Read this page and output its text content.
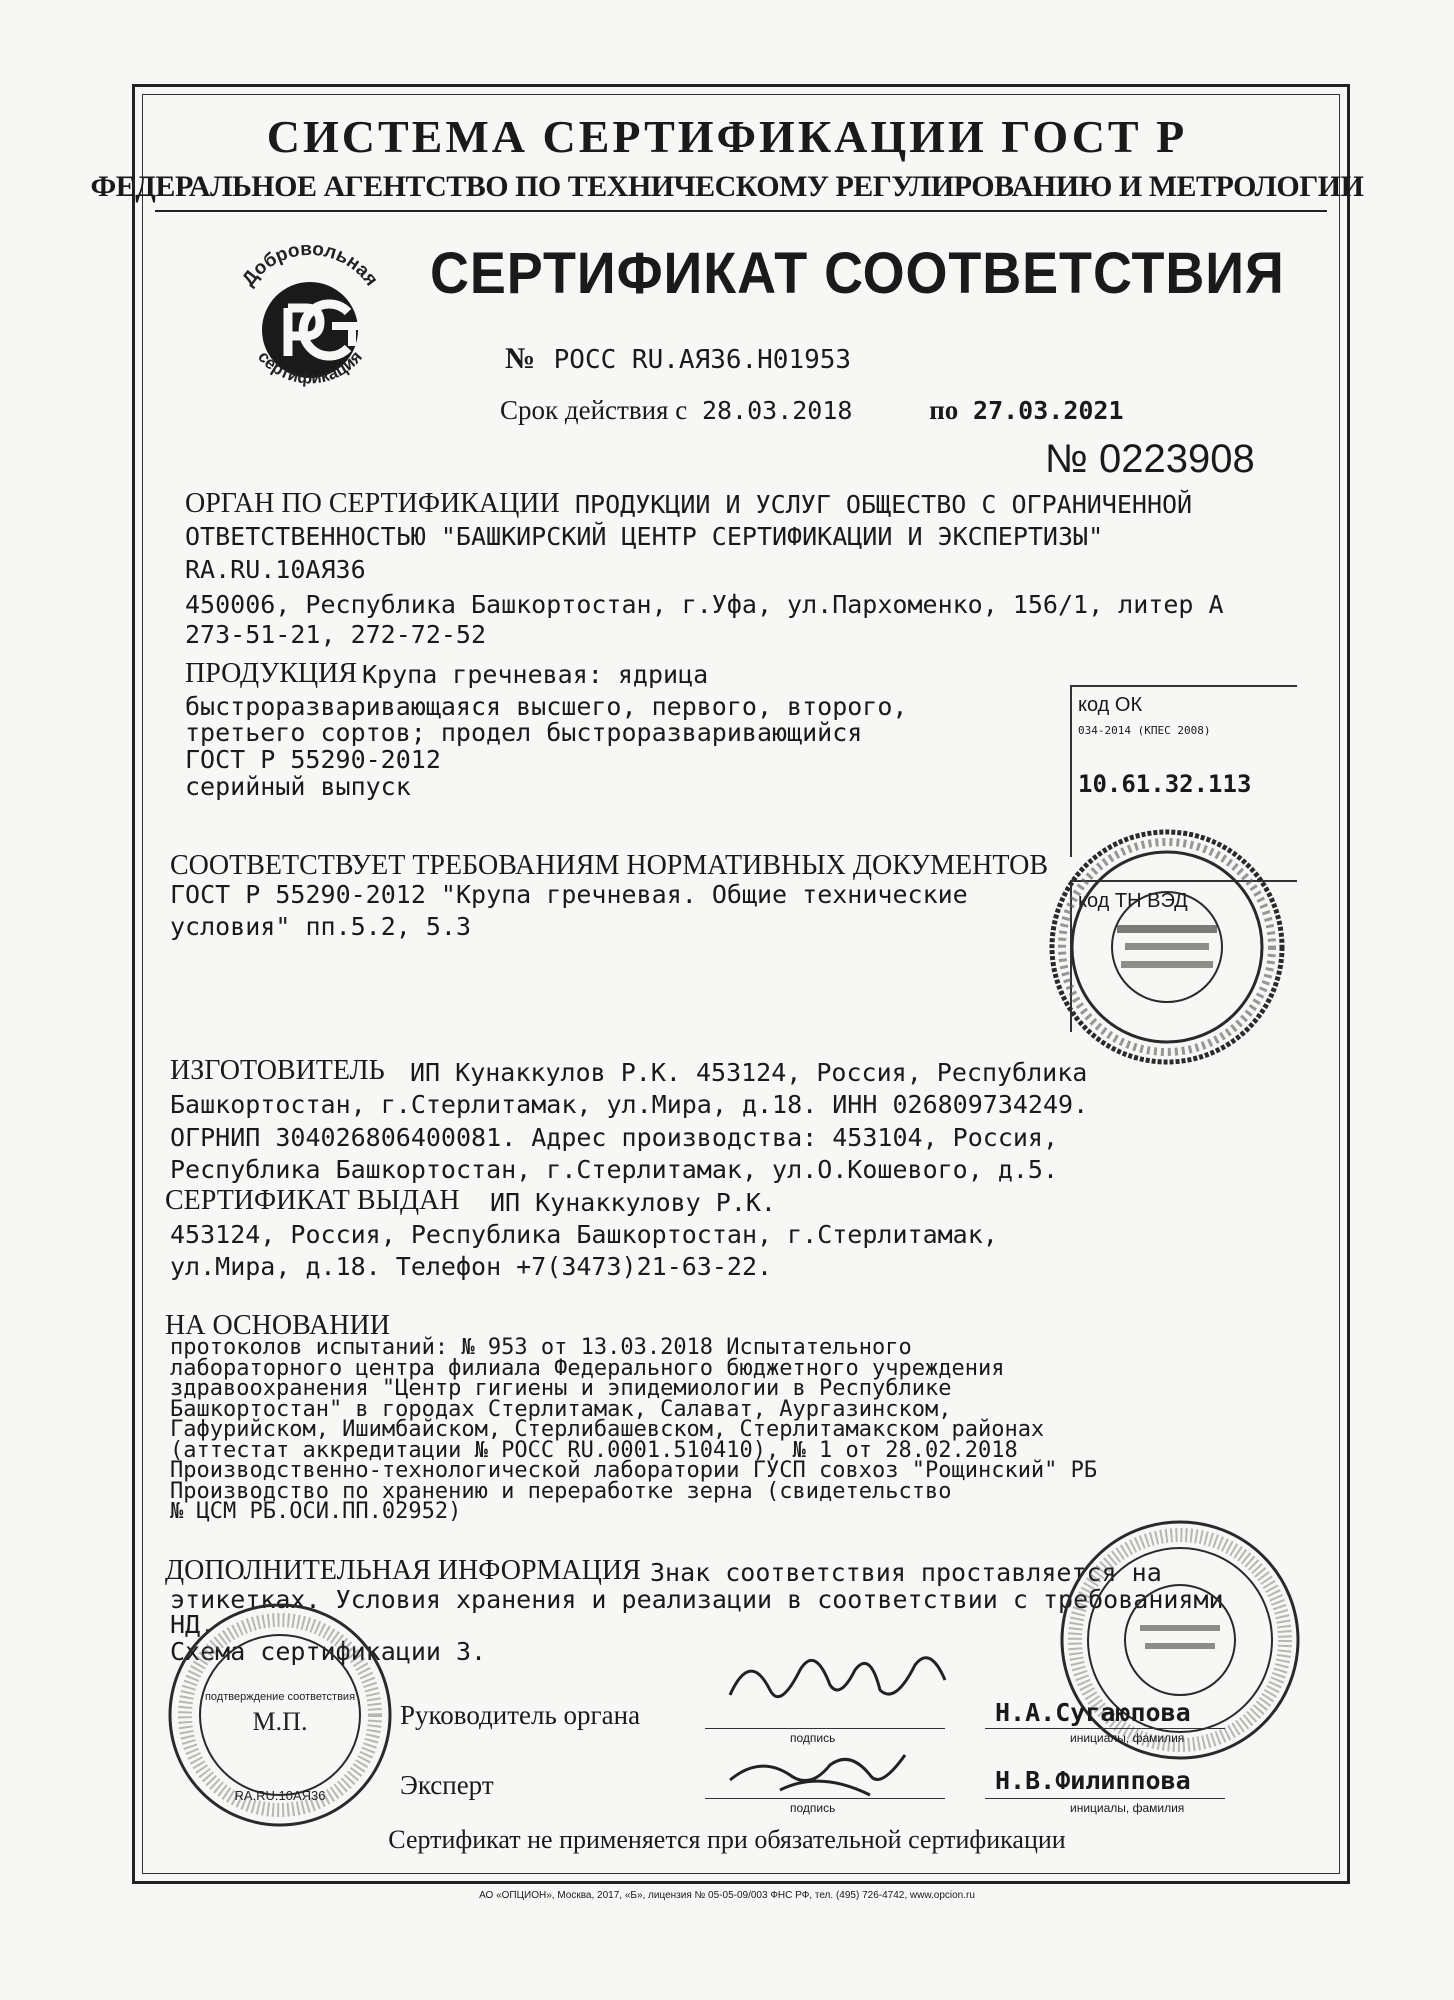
СИСТЕМА СЕРТИФИКАЦИИ ГОСТ Р
ФЕДЕРАЛЬНОЕ АГЕНТСТВО ПО ТЕХНИЧЕСКОМУ РЕГУЛИРОВАНИЮ И МЕТРОЛОГИИ
Добровольная
сертификация
СЕРТИФИКАТ СООТВЕТСТВИЯ
№ РОСС RU.АЯ36.Н01953
Срок действия с 28.03.2018	по 27.03.2021
№ 0223908
ОРГАН ПО СЕРТИФИКАЦИИ ПРОДУКЦИИ И УСЛУГ ОБЩЕСТВО С ОГРАНИЧЕННОЙ
ОТВЕТСТВЕННОСТЬЮ "БАШКИРСКИЙ ЦЕНТР СЕРТИФИКАЦИИ И ЭКСПЕРТИЗЫ"
RA.RU.10АЯ36
450006, Республика Башкортостан, г.Уфа, ул.Пархоменко, 156/1, литер А
273-51-21, 272-72-52
ПРОДУКЦИЯ Крупа гречневая: ядрица
быстроразваривающаяся высшего, первого, второго,
третьего сортов; продел быстроразваривающийся
ГОСТ Р 55290-2012
серийный выпуск
код ОК
034-2014 (КПЕС 2008)
10.61.32.113
СООТВЕТСТВУЕТ ТРЕБОВАНИЯМ НОРМАТИВНЫХ ДОКУМЕНТОВ
ГОСТ Р 55290-2012 "Крупа гречневая. Общие технические
условия" пп.5.2, 5.3
код ТН ВЭД
ИЗГОТОВИТЕЛЬ ИП Кунаккулов Р.К. 453124, Россия, Республика
Башкортостан, г.Стерлитамак, ул.Мира, д.18. ИНН 026809734249.
ОГРНИП 304026806400081. Адрес производства: 453104, Россия,
Республика Башкортостан, г.Стерлитамак, ул.О.Кошевого, д.5.
СЕРТИФИКАТ ВЫДАН ИП Кунаккулову Р.К.
453124, Россия, Республика Башкортостан, г.Стерлитамак,
ул.Мира, д.18. Телефон +7(3473)21-63-22.
НА ОСНОВАНИИ
протоколов испытаний: № 953 от 13.03.2018 Испытательного
лабораторного центра филиала Федерального бюджетного учреждения
здравоохранения "Центр гигиены и эпидемиологии в Республике
Башкортостан" в городах Стерлитамак, Салават, Аургазинском,
Гафурийском, Ишимбайском, Стерлибашевском, Стерлитамакском районах
(аттестат аккредитации № РОСС RU.0001.510410), № 1 от 28.02.2018
Производственно-технологической лаборатории ГУСП совхоз "Рощинский" РБ
Производство по хранению и переработке зерна (свидетельство
№ ЦСМ РБ.ОСИ.ПП.02952)
ДОПОЛНИТЕЛЬНАЯ ИНФОРМАЦИЯ Знак соответствия проставляется на
этикетках. Условия хранения и реализации в соответствии с требованиями
НД.
Схема сертификации 3.
подтверждение соответствия
М.П.
RA.RU.10АЯ36
Руководитель органа
подпись
Н.А.Сугаюпова
инициалы, фамилия
Эксперт
подпись
Н.В.Филиппова
инициалы, фамилия
Сертификат не применяется при обязательной сертификации
АО «ОПЦИОН», Москва, 2017, «Б», лицензия № 05-05-09/003 ФНС РФ, тел. (495) 726-4742, www.opcion.ru
